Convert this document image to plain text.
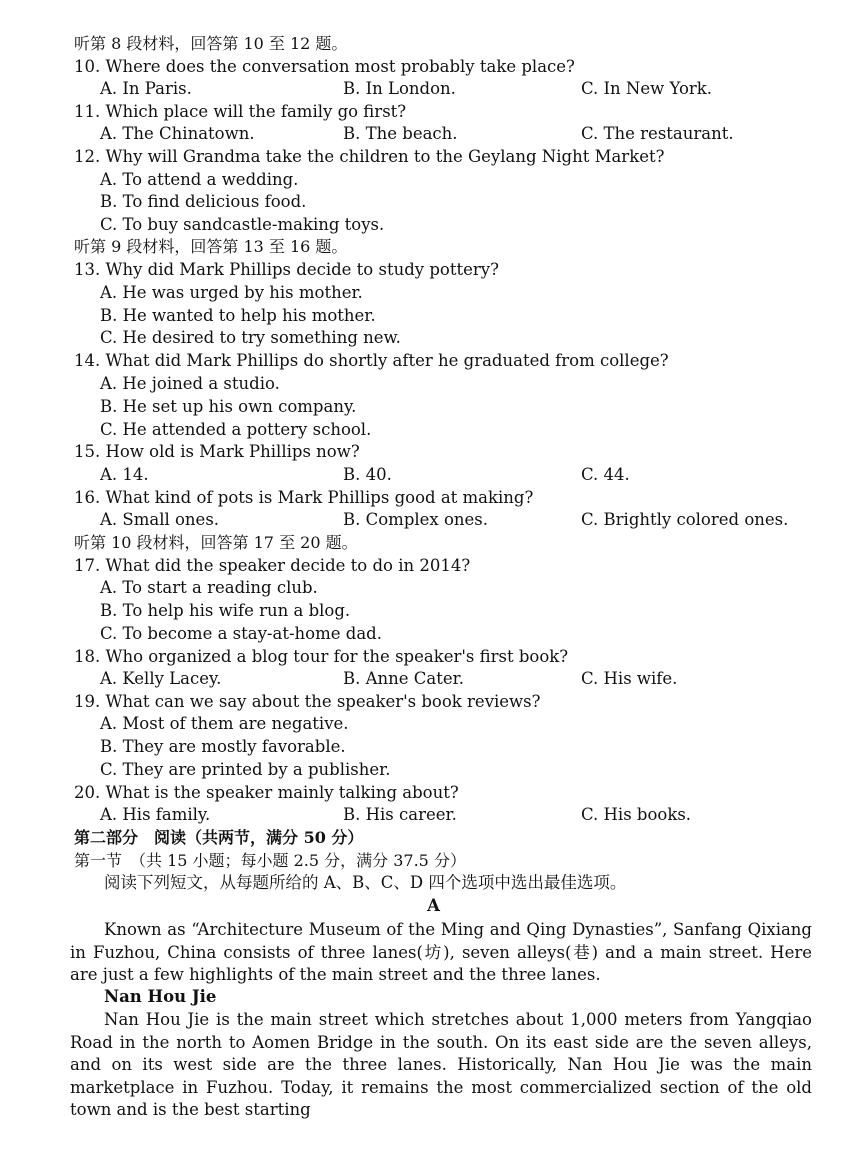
听第 8 段材料，回答第 10 至 12 题。
10. Where does the conversation most probably take place?
A. In Paris.	B. In London.	C. In New York.
11. Which place will the family go first?
A. The Chinatown.	B. The beach.	C. The restaurant.
12. Why will Grandma take the children to the Geylang Night Market?
A. To attend a wedding.
B. To find delicious food.
C. To buy sandcastle-making toys.
听第 9 段材料，回答第 13 至 16 题。
13. Why did Mark Phillips decide to study pottery?
A. He was urged by his mother.
B. He wanted to help his mother.
C. He desired to try something new.
14. What did Mark Phillips do shortly after he graduated from college?
A. He joined a studio.
B. He set up his own company.
C. He attended a pottery school.
15. How old is Mark Phillips now?
A. 14.	B. 40.	C. 44.
16. What kind of pots is Mark Phillips good at making?
A. Small ones.	B. Complex ones.	C. Brightly colored ones.
听第 10 段材料，回答第 17 至 20 题。
17. What did the speaker decide to do in 2014?
A. To start a reading club.
B. To help his wife run a blog.
C. To become a stay-at-home dad.
18. Who organized a blog tour for the speaker's first book?
A. Kelly Lacey.	B. Anne Cater.	C. His wife.
19. What can we say about the speaker's book reviews?
A. Most of them are negative.
B. They are mostly favorable.
C. They are printed by a publisher.
20. What is the speaker mainly talking about?
A. His family.	B. His career.	C. His books.
第二部分　阅读（共两节，满分 50 分）
第一节　（共 15 小题；每小题 2.5 分，满分 37.5 分）
阅读下列短文，从每题所给的 A、B、C、D 四个选项中选出最佳选项。
A

Known as “Architecture Museum of the Ming and Qing Dynasties”, Sanfang Qixiang in Fuzhou, China consists of three lanes(坊), seven alleys(巷) and a main street. Here are just a few highlights of the main street and the three lanes.

Nan Hou Jie

Nan Hou Jie is the main street which stretches about 1,000 meters from Yangqiao Road in the north to Aomen Bridge in the south. On its east side are the seven alleys, and on its west side are the three lanes. Historically, Nan Hou Jie was the main marketplace in Fuzhou. Today, it remains the most commercialized section of the old town and is the best starting
